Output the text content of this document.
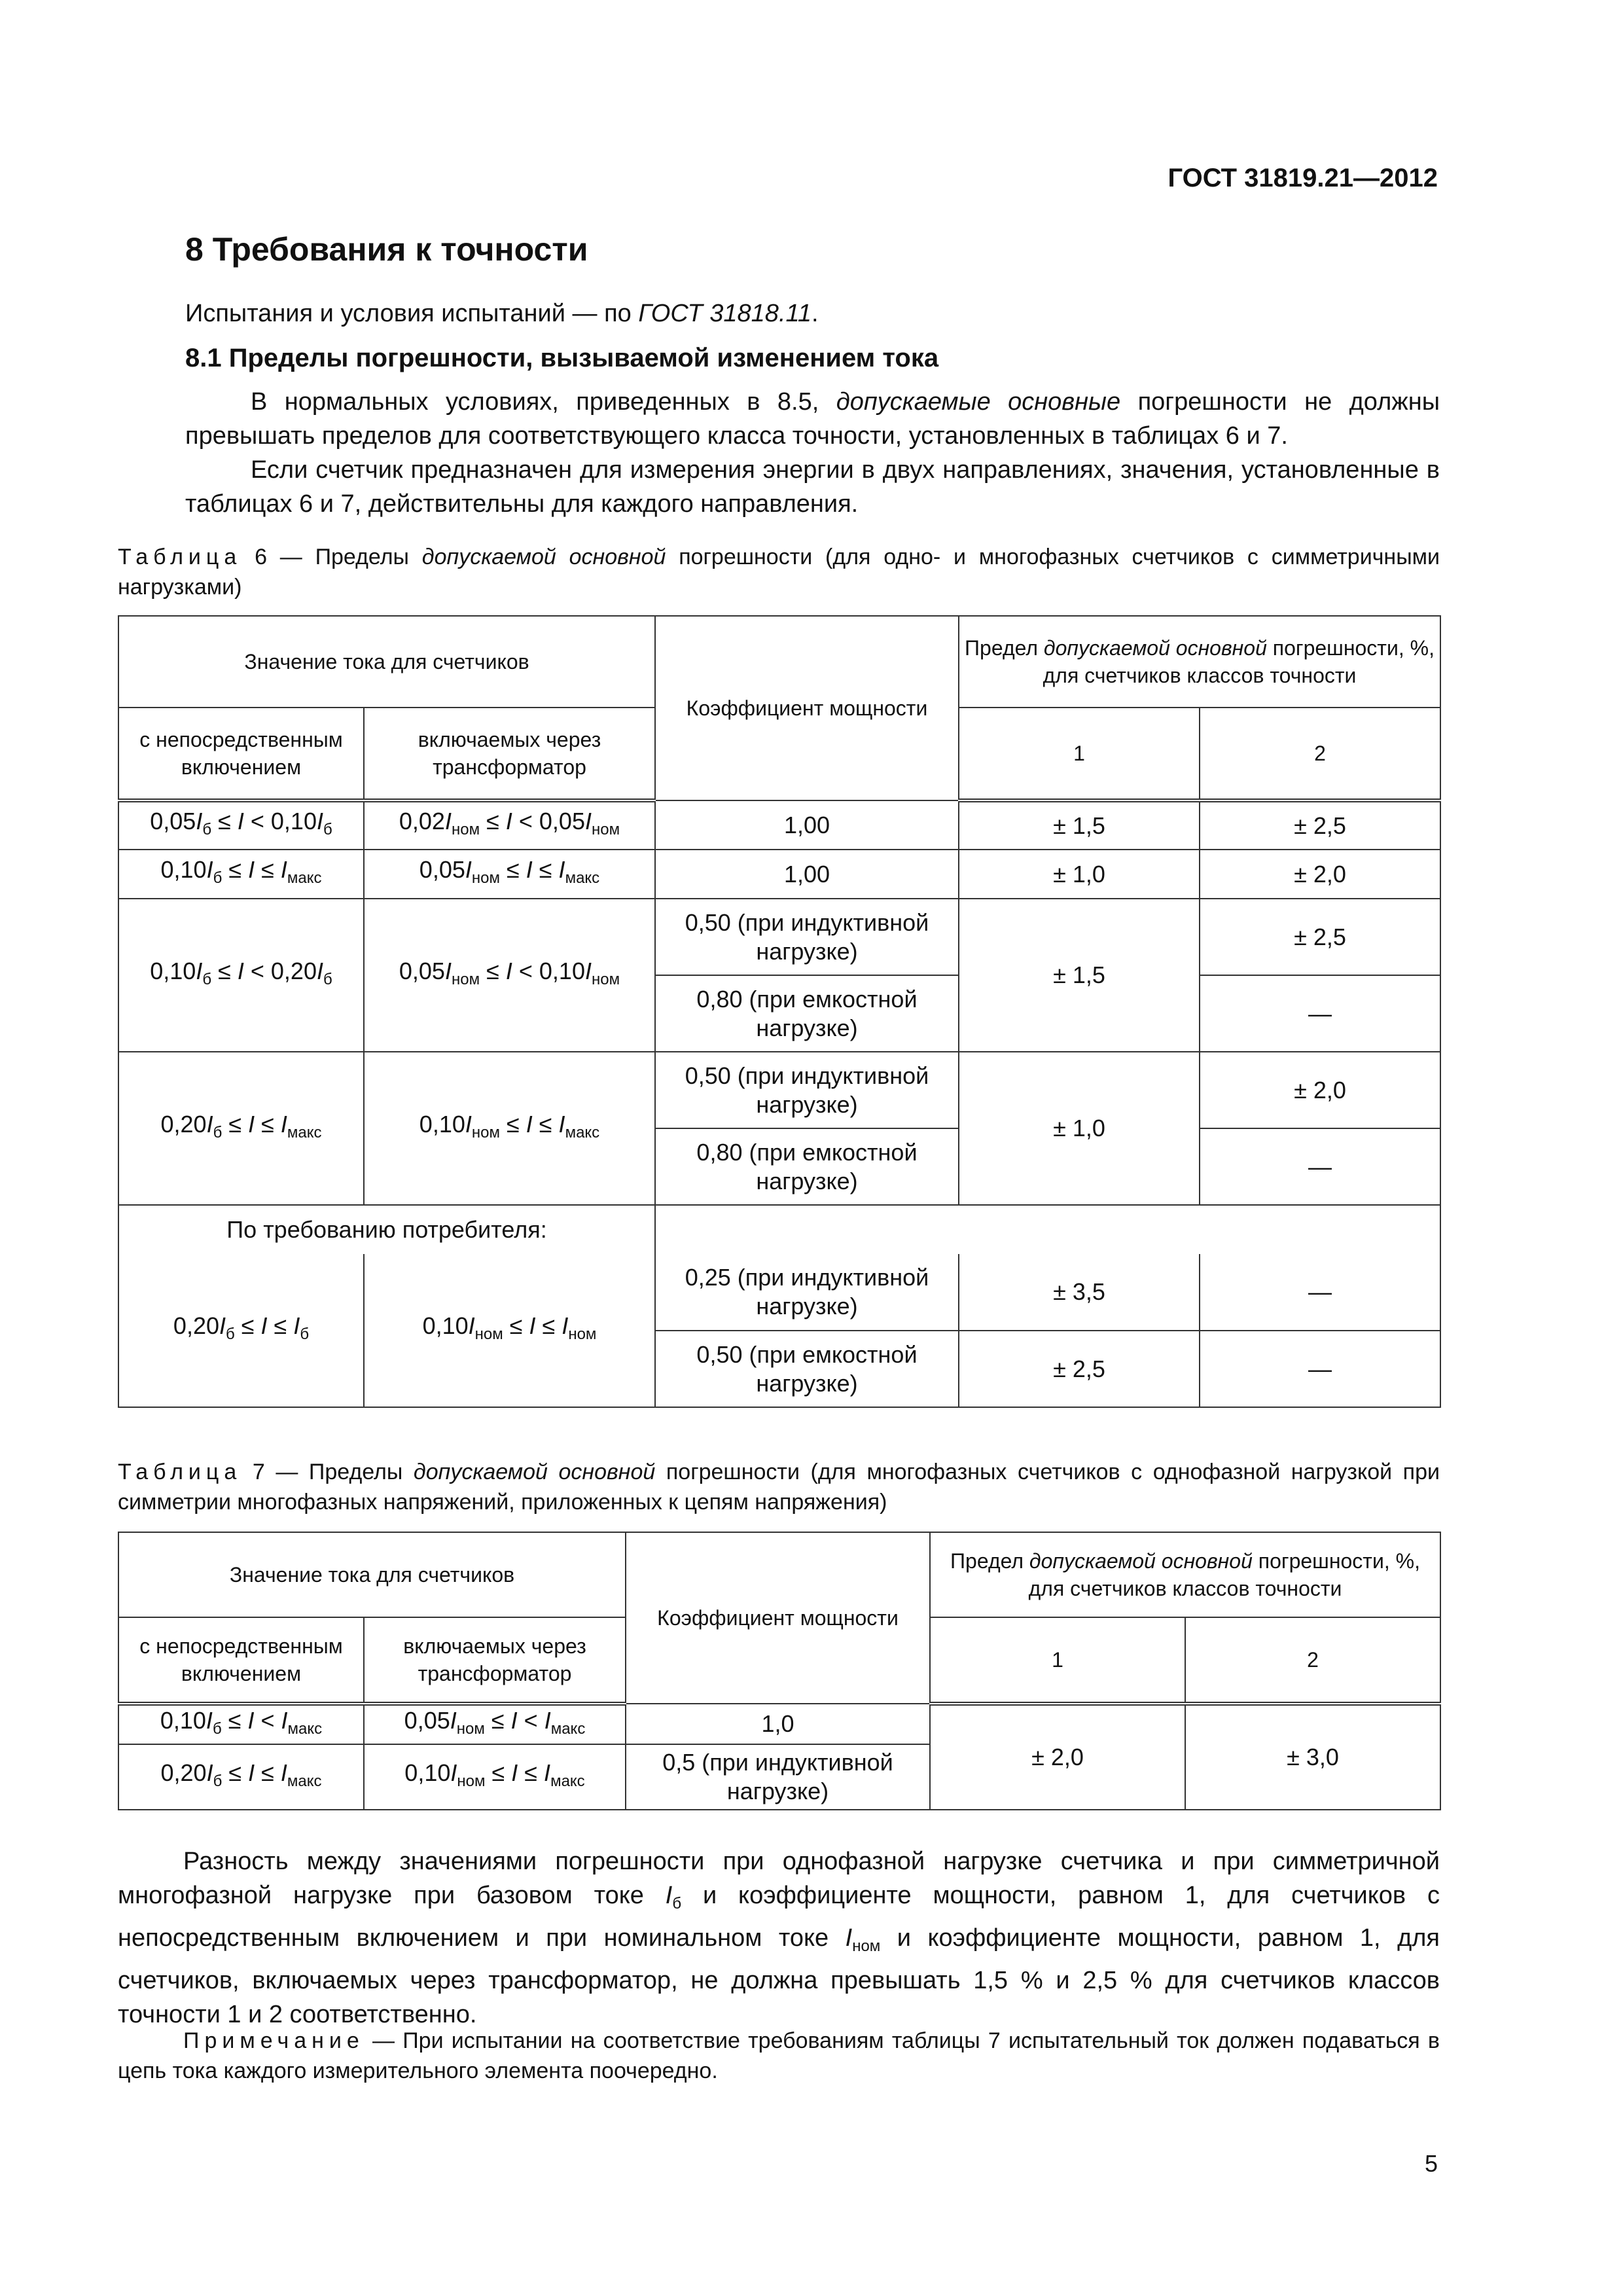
ГОСТ 31819.21—2012
8 Требования к точности
Испытания и условия испытаний — по ГОСТ 31818.11.
8.1 Пределы погрешности, вызываемой изменением тока
В нормальных условиях, приведенных в 8.5, допускаемые основные погрешности не должны превышать пределов для соответствующего класса точности, установленных в таблицах 6 и 7.
Если счетчик предназначен для измерения энергии в двух направлениях, значения, установленные в таблицах 6 и 7, действительны для каждого направления.
Таблица 6 — Пределы допускаемой основной погрешности (для одно- и многофазных счетчиков с симметричными нагрузками)
Значение тока для счетчиков		Коэффициент мощности	Предел допускаемой основной погрешности, %, для счетчиков классов точности	
с непосредственным включением	включаемых через трансформатор		1	2
$0,05I_б \le I < 0,10I_б$	$0,02I_{ном} \le I < 0,05I_{ном}$	1,00	± 1,5	± 2,5
$0,10I_б \le I \le I_{макс}$	$0,05I_{ном} \le I \le I_{макс}$	1,00	± 1,0	± 2,0
$0,10I_б \le I < 0,20I_б$	$0,05I_{ном} \le I < 0,10I_{ном}$	0,50 (при индуктивной нагрузке)	± 1,5	± 2,5
		0,80 (при емкостной нагрузке)		—
$0,20I_б \le I \le I_{макс}$	$0,10I_{ном} \le I \le I_{макс}$	0,50 (при индуктивной нагрузке)	± 1,0	± 2,0
		0,80 (при емкостной нагрузке)		—
По требованию потребителя:				
$0,20I_б \le I \le I_б$	$0,10I_{ном} \le I \le I_{ном}$	0,25 (при индуктивной нагрузке)	± 3,5	—
		0,50 (при емкостной нагрузке)	± 2,5	—
Таблица 7 — Пределы допускаемой основной погрешности (для многофазных счетчиков с однофазной нагрузкой при симметрии многофазных напряжений, приложенных к цепям напряжения)
Значение тока для счетчиков		Коэффициент мощности	Предел допускаемой основной погрешности, %, для счетчиков классов точности	
с непосредственным включением	включаемых через трансформатор		1	2
$0,10I_б \le I < I_{макс}$	$0,05I_{ном} \le I < I_{макс}$	1,0	± 2,0	± 3,0
$0,20I_б \le I \le I_{макс}$	$0,10I_{ном} \le I \le I_{макс}$	0,5 (при индуктивной нагрузке)		
Разность между значениями погрешности при однофазной нагрузке счетчика и при симметричной многофазной нагрузке при базовом токе $I_б$ и коэффициенте мощности, равном 1, для счетчиков с непосредственным включением и при номинальном токе $I_{ном}$ и коэффициенте мощности, равном 1, для счетчиков, включаемых через трансформатор, не должна превышать 1,5 % и 2,5 % для счетчиков классов точности 1 и 2 соответственно.
Примечание — При испытании на соответствие требованиям таблицы 7 испытательный ток должен подаваться в цепь тока каждого измерительного элемента поочередно.
5
